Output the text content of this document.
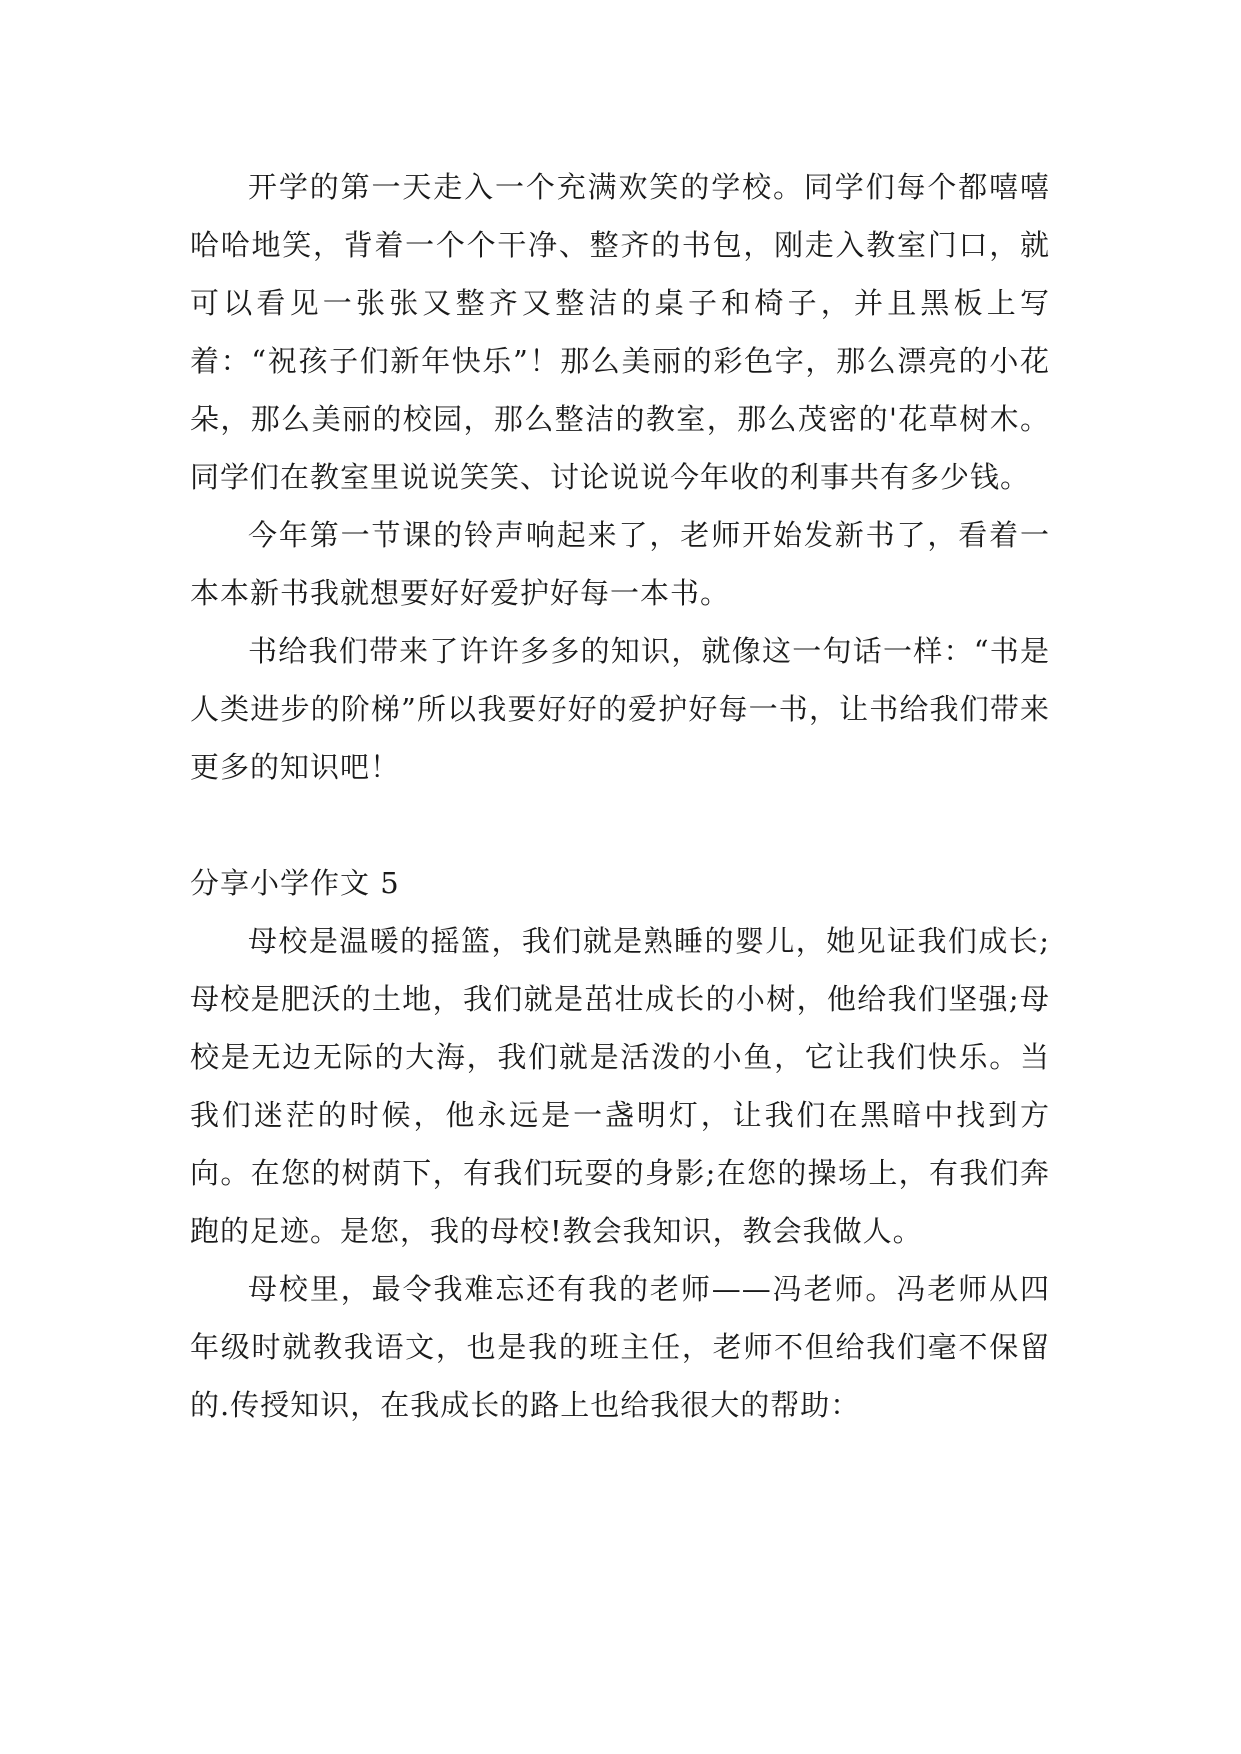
开学的第一天走入一个充满欢笑的学校。同学们每个都嘻嘻哈哈地笑，背着一个个干净、整齐的书包，刚走入教室门口，就可以看见一张张又整齐又整洁的桌子和椅子，并且黑板上写着：“祝孩子们新年快乐”！那么美丽的彩色字，那么漂亮的小花朵，那么美丽的校园，那么整洁的教室，那么茂密的'花草树木。 同学们在教室里说说笑笑、讨论说说今年收的利事共有多少钱。

今年第一节课的铃声响起来了，老师开始发新书了，看着一本本新书我就想要好好爱护好每一本书。

书给我们带来了许许多多的知识，就像这一句话一样：“书是人类进步的阶梯”所以我要好好的爱护好每一书，让书给我们带来更多的知识吧！

分享小学作文 5

母校是温暖的摇篮，我们就是熟睡的婴儿，她见证我们成长;母校是肥沃的土地，我们就是茁壮成长的小树，他给我们坚强;母校是无边无际的大海，我们就是活泼的小鱼，它让我们快乐。当我们迷茫的时候，他永远是一盏明灯，让我们在黑暗中找到方向。在您的树荫下，有我们玩耍的身影;在您的操场上，有我们奔跑的足迹。是您，我的母校!教会我知识，教会我做人。

母校里，最令我难忘还有我的老师——冯老师。冯老师从四年级时就教我语文，也是我的班主任，老师不但给我们毫不保留的.传授知识，在我成长的路上也给我很大的帮助：
